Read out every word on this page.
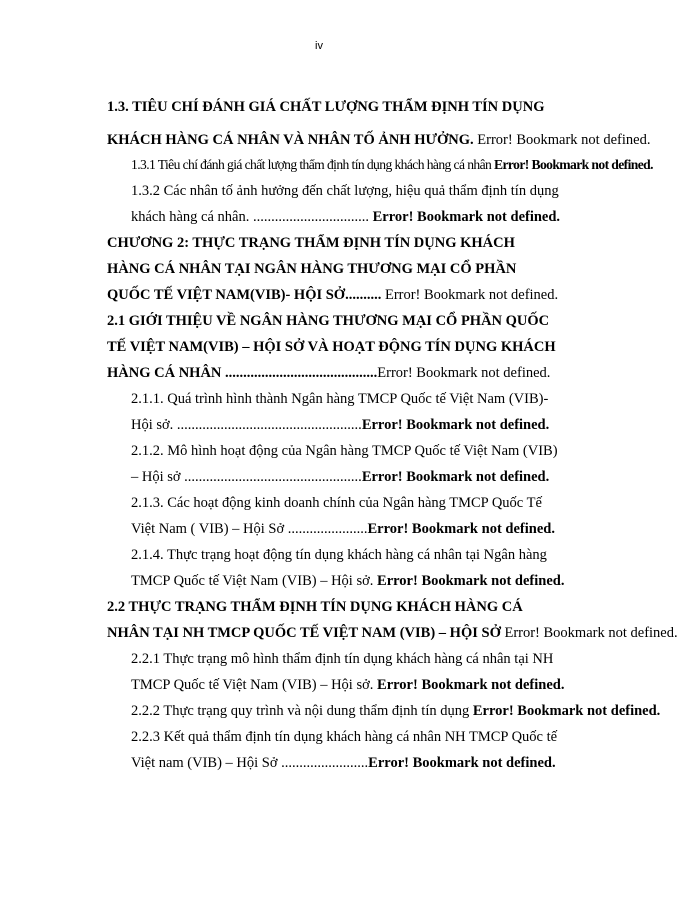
iv
1.3. TIÊU CHÍ ĐÁNH GIÁ CHẤT LƯỢNG THẨM ĐỊNH TÍN DỤNG
KHÁCH HÀNG CÁ NHÂN VÀ NHÂN TỐ ẢNH HƯỞNG. Error! Bookmark not defined.
1.3.1 Tiêu chí đánh giá chất lượng thẩm định tín dụng khách hàng cá nhân Error! Bookmark not defined.
1.3.2 Các nhân tố ảnh hưởng đến chất lượng, hiệu quả thẩm định tín dụng
khách hàng cá nhân. ................................ Error! Bookmark not defined.
CHƯƠNG 2: THỰC TRẠNG THẨM ĐỊNH TÍN DỤNG KHÁCH
HÀNG CÁ NHÂN TẠI NGÂN HÀNG THƯƠNG MẠI CỔ PHẦN
QUỐC TẾ VIỆT NAM(VIB)- HỘI SỞ.......... Error! Bookmark not defined.
2.1 GIỚI THIỆU VỀ NGÂN HÀNG THƯƠNG MẠI CỔ PHẦN QUỐC
TẾ VIỆT NAM(VIB) – HỘI SỞ VÀ HOẠT ĐỘNG TÍN DỤNG KHÁCH
HÀNG CÁ NHÂN ..........................................Error! Bookmark not defined.
2.1.1. Quá trình hình thành Ngân hàng TMCP Quốc tế Việt Nam (VIB)-
Hội sở. ...................................................Error! Bookmark not defined.
2.1.2. Mô hình hoạt động của Ngân hàng TMCP Quốc tế Việt Nam (VIB)
– Hội sở .................................................Error! Bookmark not defined.
2.1.3. Các hoạt động kinh doanh chính của Ngân hàng TMCP Quốc Tế
Việt Nam ( VIB) – Hội Sở ......................Error! Bookmark not defined.
2.1.4. Thực trạng hoạt động tín dụng khách hàng cá nhân tại Ngân hàng
TMCP Quốc tế Việt Nam (VIB) – Hội sở. Error! Bookmark not defined.
2.2 THỰC TRẠNG THẨM ĐỊNH TÍN DỤNG KHÁCH HÀNG CÁ
NHÂN TẠI NH TMCP QUỐC TẾ VIỆT NAM (VIB) – HỘI SỞ Error! Bookmark not defined.
2.2.1 Thực trạng mô hình thẩm định tín dụng khách hàng cá nhân tại NH
TMCP Quốc tế Việt Nam (VIB) – Hội sở. Error! Bookmark not defined.
2.2.2 Thực trạng quy trình và nội dung thẩm định tín dụng Error! Bookmark not defined.
2.2.3 Kết quả thẩm định tín dụng khách hàng cá nhân NH TMCP Quốc tế
Việt nam (VIB) – Hội Sở ........................Error! Bookmark not defined.
